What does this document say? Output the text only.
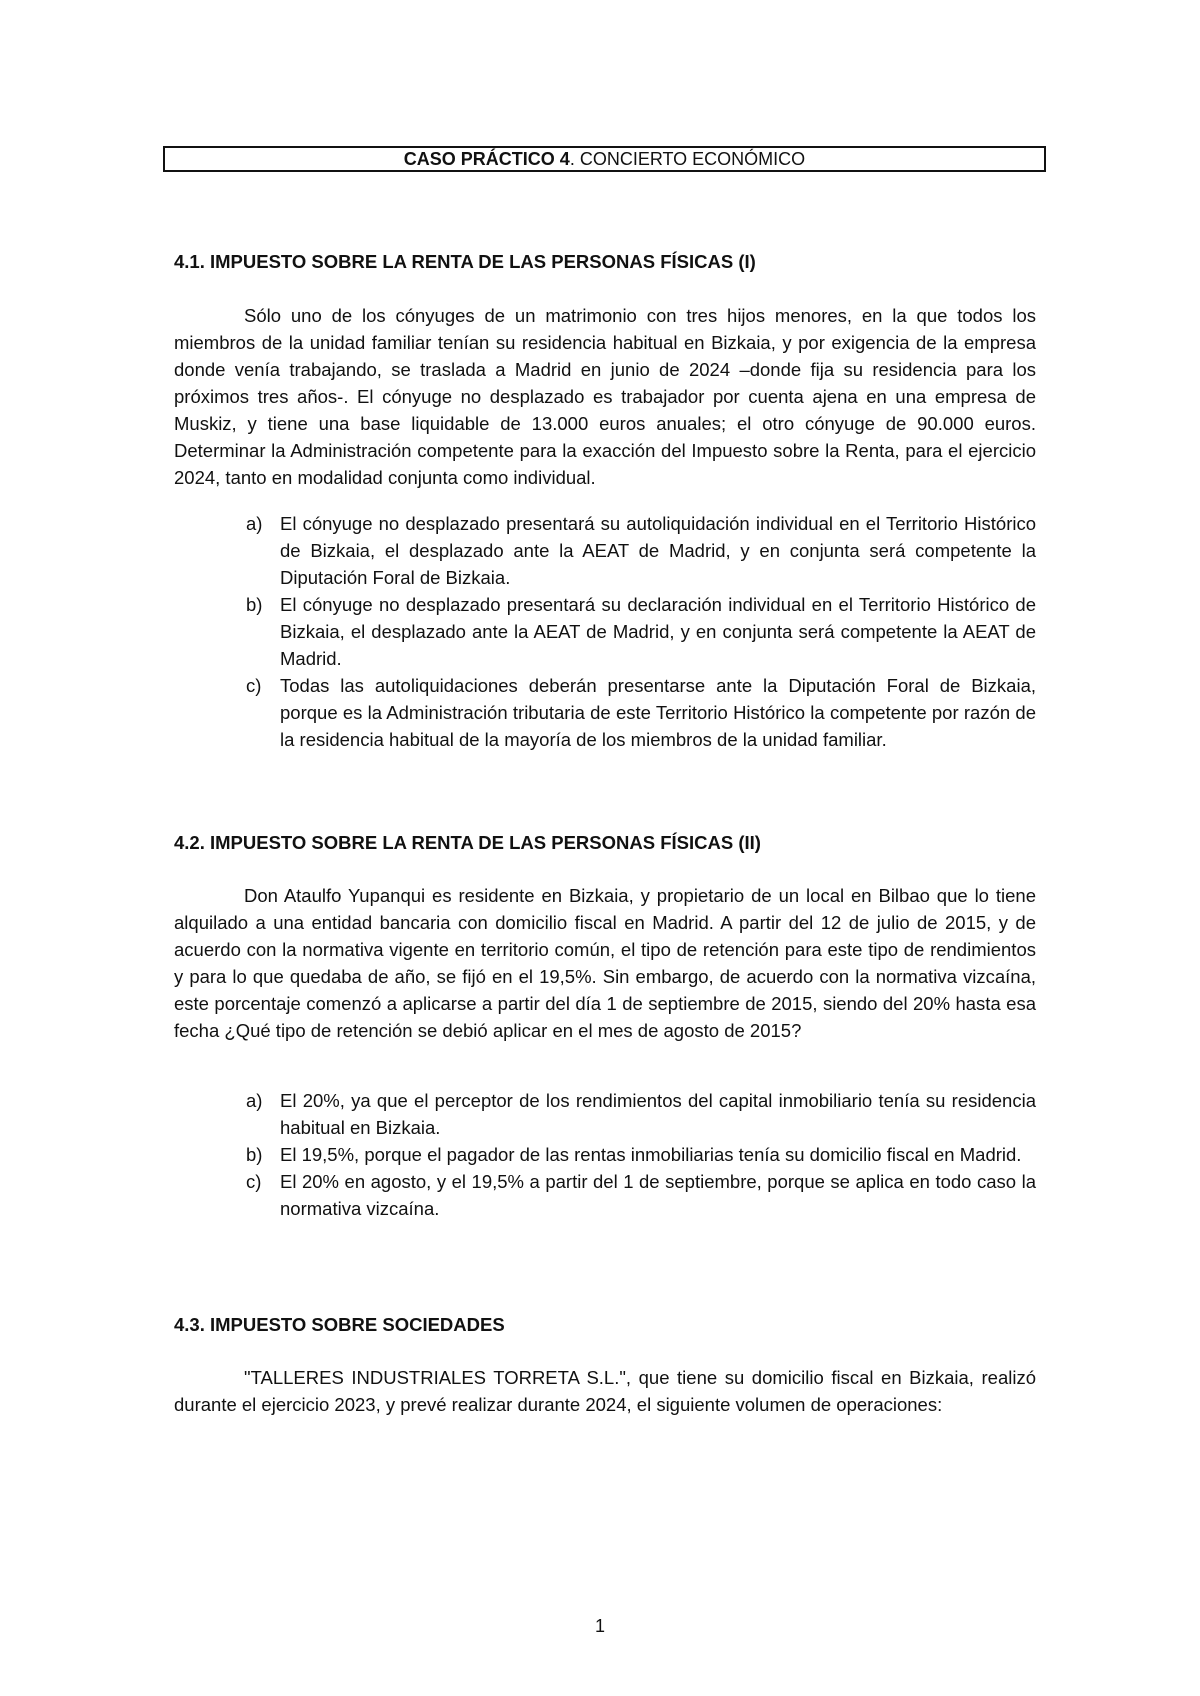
CASO PRÁCTICO 4. CONCIERTO ECONÓMICO
4.1. IMPUESTO SOBRE LA RENTA DE LAS PERSONAS FÍSICAS (I)
Sólo uno de los cónyuges de un matrimonio con tres hijos menores, en la que todos los miembros de la unidad familiar tenían su residencia habitual en Bizkaia, y por exigencia de la empresa donde venía trabajando, se traslada a Madrid en junio de 2024 –donde fija su residencia para los próximos tres años-. El cónyuge no desplazado es trabajador por cuenta ajena en una empresa de Muskiz, y tiene una base liquidable de 13.000 euros anuales; el otro cónyuge de 90.000 euros. Determinar la Administración competente para la exacción del Impuesto sobre la Renta, para el ejercicio 2024, tanto en modalidad conjunta como individual.
a) El cónyuge no desplazado presentará su autoliquidación individual en el Territorio Histórico de Bizkaia, el desplazado ante la AEAT de Madrid, y en conjunta será competente la Diputación Foral de Bizkaia.
b) El cónyuge no desplazado presentará su declaración individual en el Territorio Histórico de Bizkaia, el desplazado ante la AEAT de Madrid, y en conjunta será competente la AEAT de Madrid.
c) Todas las autoliquidaciones deberán presentarse ante la Diputación Foral de Bizkaia, porque es la Administración tributaria de este Territorio Histórico la competente por razón de la residencia habitual de la mayoría de los miembros de la unidad familiar.
4.2. IMPUESTO SOBRE LA RENTA DE LAS PERSONAS FÍSICAS (II)
Don Ataulfo Yupanqui es residente en Bizkaia, y propietario de un local en Bilbao que lo tiene alquilado a una entidad bancaria con domicilio fiscal en Madrid. A partir del 12 de julio de 2015, y de acuerdo con la normativa vigente en territorio común, el tipo de retención para este tipo de rendimientos y para lo que quedaba de año, se fijó en el 19,5%. Sin embargo, de acuerdo con la normativa vizcaína, este porcentaje comenzó a aplicarse a partir del día 1 de septiembre de 2015, siendo del 20% hasta esa fecha ¿Qué tipo de retención se debió aplicar en el mes de agosto de 2015?
a) El 20%, ya que el perceptor de los rendimientos del capital inmobiliario tenía su residencia habitual en Bizkaia.
b) El 19,5%, porque el pagador de las rentas inmobiliarias tenía su domicilio fiscal en Madrid.
c) El 20% en agosto, y el 19,5% a partir del 1 de septiembre, porque se aplica en todo caso la normativa vizcaína.
4.3. IMPUESTO SOBRE SOCIEDADES
"TALLERES INDUSTRIALES TORRETA S.L.", que tiene su domicilio fiscal en Bizkaia, realizó durante el ejercicio 2023, y prevé realizar durante 2024, el siguiente volumen de operaciones:
1
